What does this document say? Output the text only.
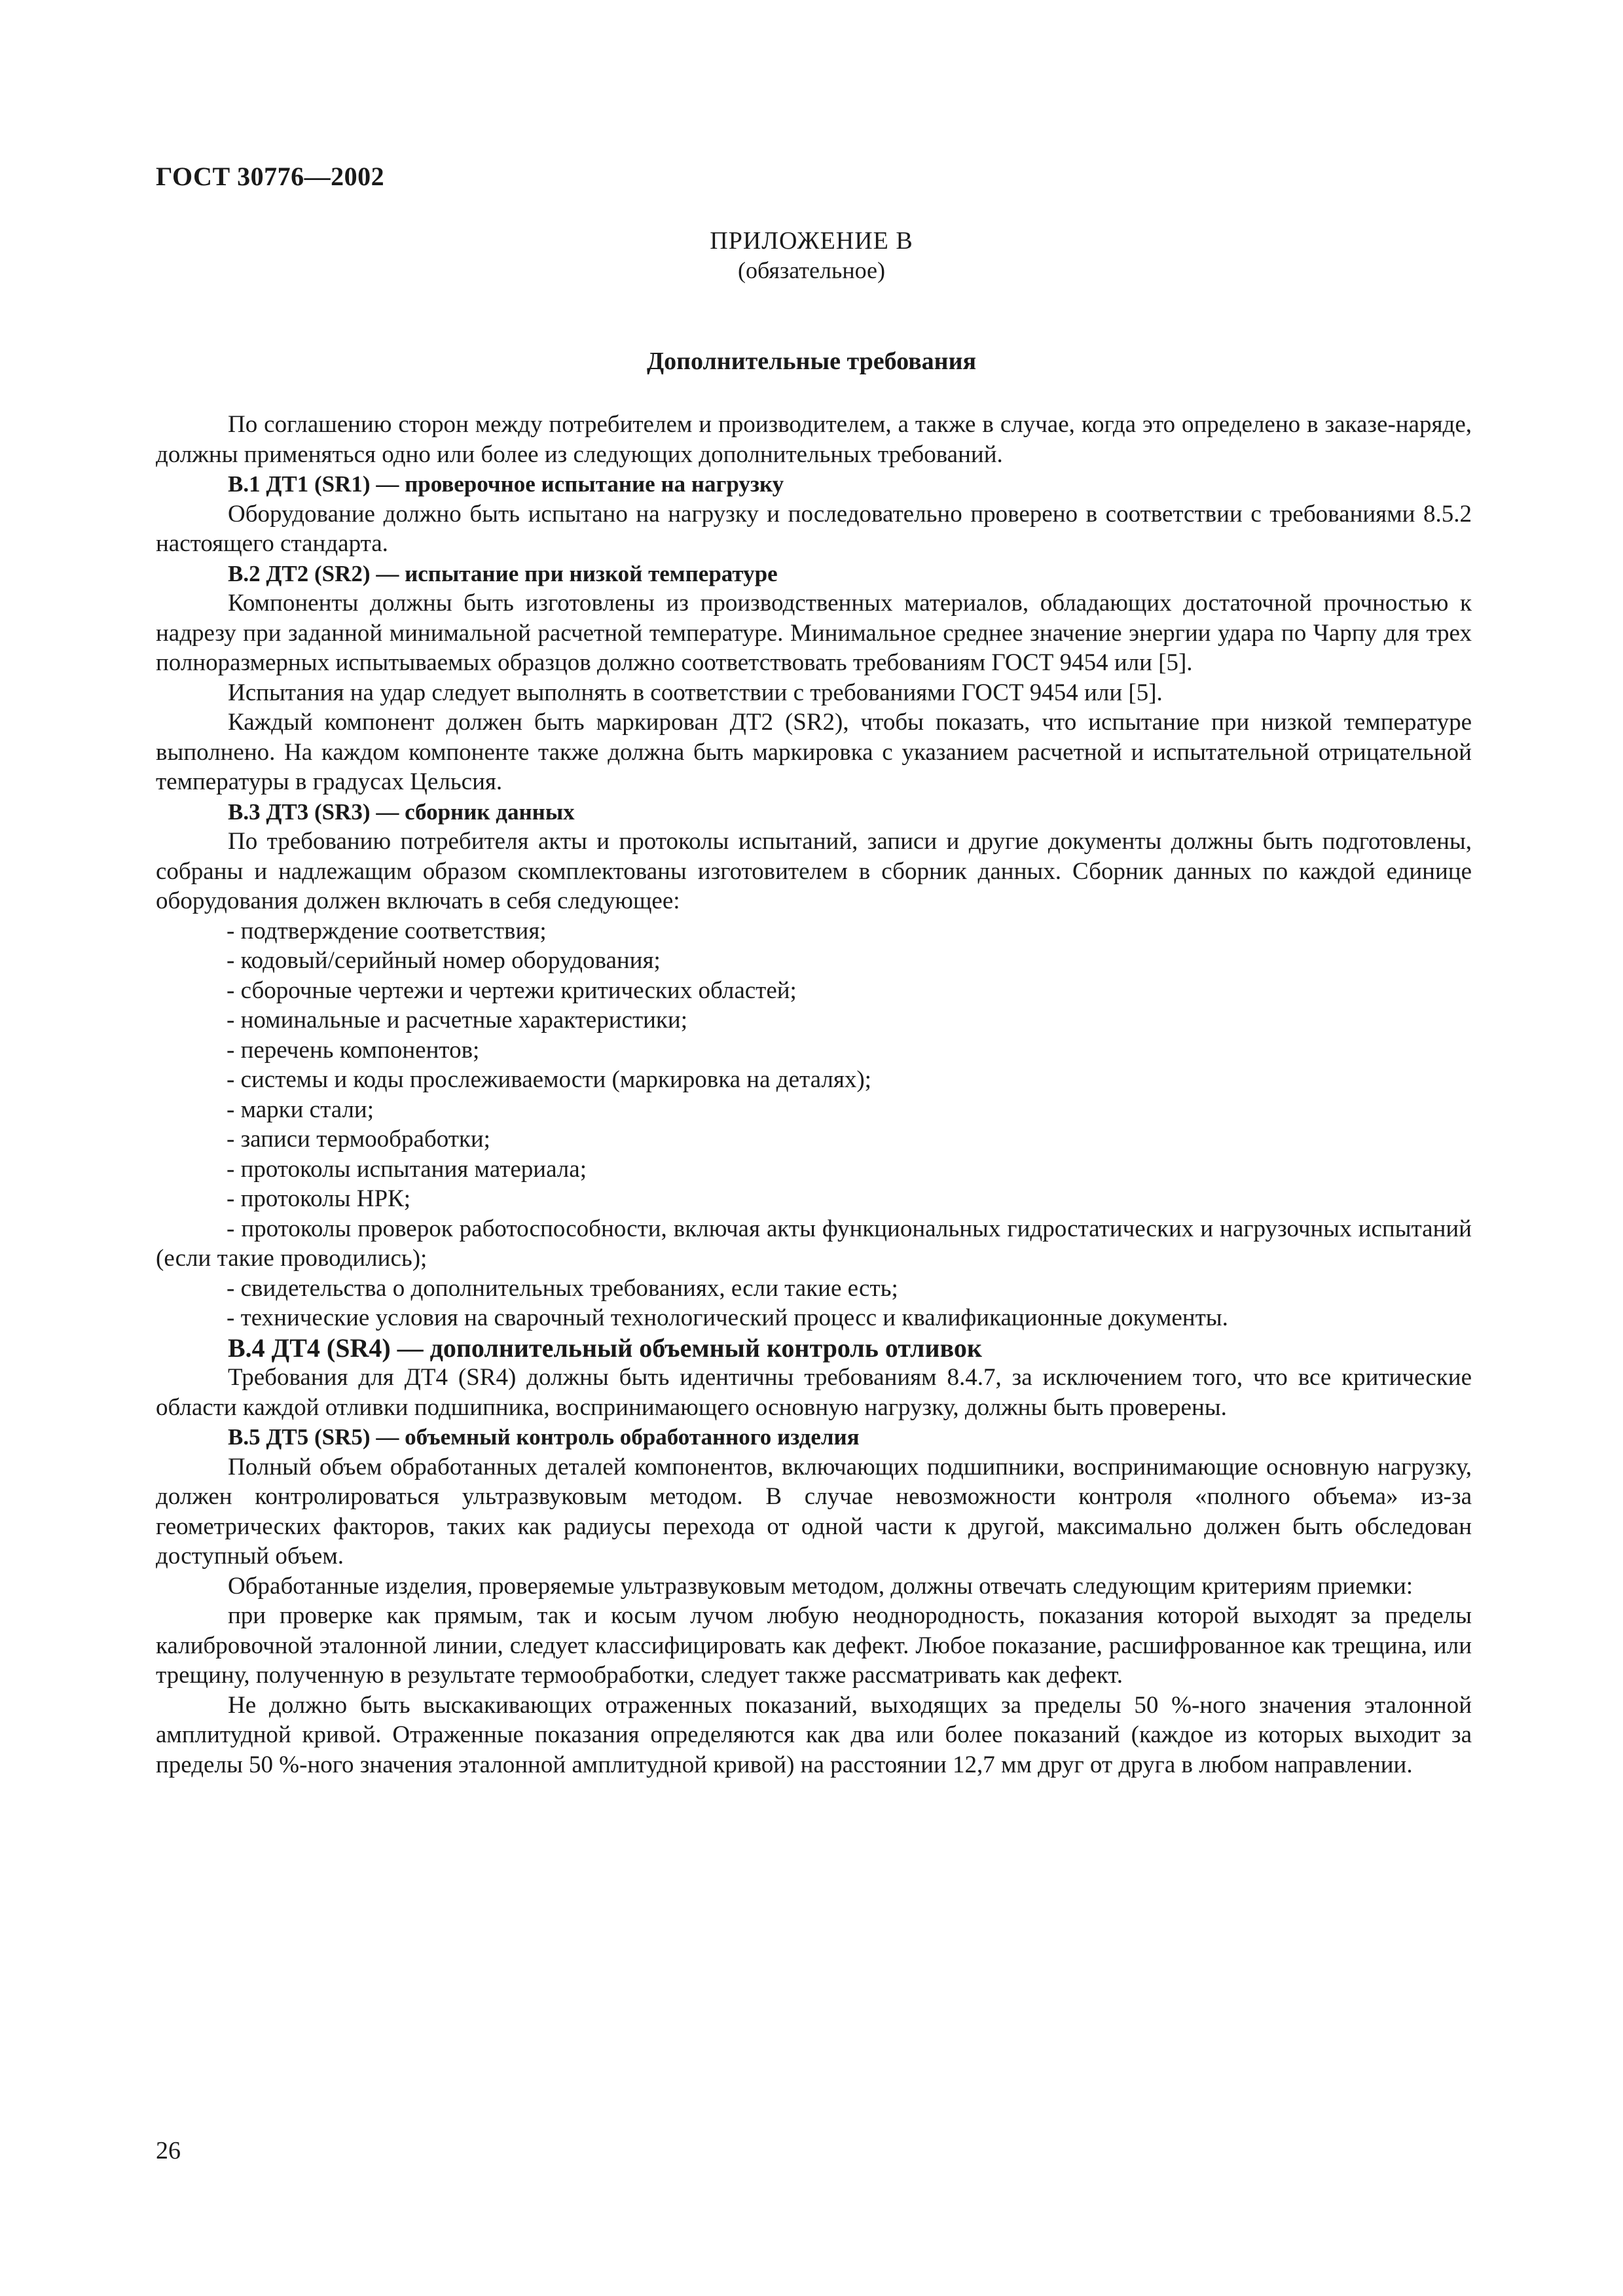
ГОСТ 30776—2002
ПРИЛОЖЕНИЕ В
(обязательное)
Дополнительные требования

По соглашению сторон между потребителем и производителем, а также в случае, когда это определено в заказе-наряде, должны применяться одно или более из следующих дополнительных требований.

В.1 ДТ1 (SR1) — проверочное испытание на нагрузку

Оборудование должно быть испытано на нагрузку и последовательно проверено в соответствии с требованиями 8.5.2 настоящего стандарта.

В.2 ДТ2 (SR2) — испытание при низкой температуре

Компоненты должны быть изготовлены из производственных материалов, обладающих достаточной прочностью к надрезу при заданной минимальной расчетной температуре. Минимальное среднее значение энергии удара по Чарпу для трех полноразмерных испытываемых образцов должно соответствовать требованиям ГОСТ 9454 или [5].

Испытания на удар следует выполнять в соответствии с требованиями ГОСТ 9454 или [5].

Каждый компонент должен быть маркирован ДТ2 (SR2), чтобы показать, что испытание при низкой температуре выполнено. На каждом компоненте также должна быть маркировка с указанием расчетной и испытательной отрицательной температуры в градусах Цельсия.

В.3 ДТ3 (SR3) — сборник данных

По требованию потребителя акты и протоколы испытаний, записи и другие документы должны быть подготовлены, собраны и надлежащим образом скомплектованы изготовителем в сборник данных. Сборник данных по каждой единице оборудования должен включать в себя следующее:

- подтверждение соответствия;

- кодовый/серийный номер оборудования;

- сборочные чертежи и чертежи критических областей;

- номинальные и расчетные характеристики;

- перечень компонентов;

- системы и коды прослеживаемости (маркировка на деталях);

- марки стали;

- записи термообработки;

- протоколы испытания материала;

- протоколы НРК;

- протоколы проверок работоспособности, включая акты функциональных гидростатических и нагрузочных испытаний (если такие проводились);

- свидетельства о дополнительных требованиях, если такие есть;

- технические условия на сварочный технологический процесс и квалификационные документы.

В.4 ДТ4 (SR4) — дополнительный объемный контроль отливок

Требования для ДТ4 (SR4) должны быть идентичны требованиям 8.4.7, за исключением того, что все критические области каждой отливки подшипника, воспринимающего основную нагрузку, должны быть проверены.

В.5 ДТ5 (SR5) — объемный контроль обработанного изделия

Полный объем обработанных деталей компонентов, включающих подшипники, воспринимающие основную нагрузку, должен контролироваться ультразвуковым методом. В случае невозможности контроля «полного объема» из-за геометрических факторов, таких как радиусы перехода от одной части к другой, максимально должен быть обследован доступный объем.

Обработанные изделия, проверяемые ультразвуковым методом, должны отвечать следующим критериям приемки:

при проверке как прямым, так и косым лучом любую неоднородность, показания которой выходят за пределы калибровочной эталонной линии, следует классифицировать как дефект. Любое показание, расшифрованное как трещина, или трещину, полученную в результате термообработки, следует также рассматривать как дефект.

Не должно быть выскакивающих отраженных показаний, выходящих за пределы 50 %-ного значения эталонной амплитудной кривой. Отраженные показания определяются как два или более показаний (каждое из которых выходит за пределы 50 %-ного значения эталонной амплитудной кривой) на расстоянии 12,7 мм друг от друга в любом направлении.

26
